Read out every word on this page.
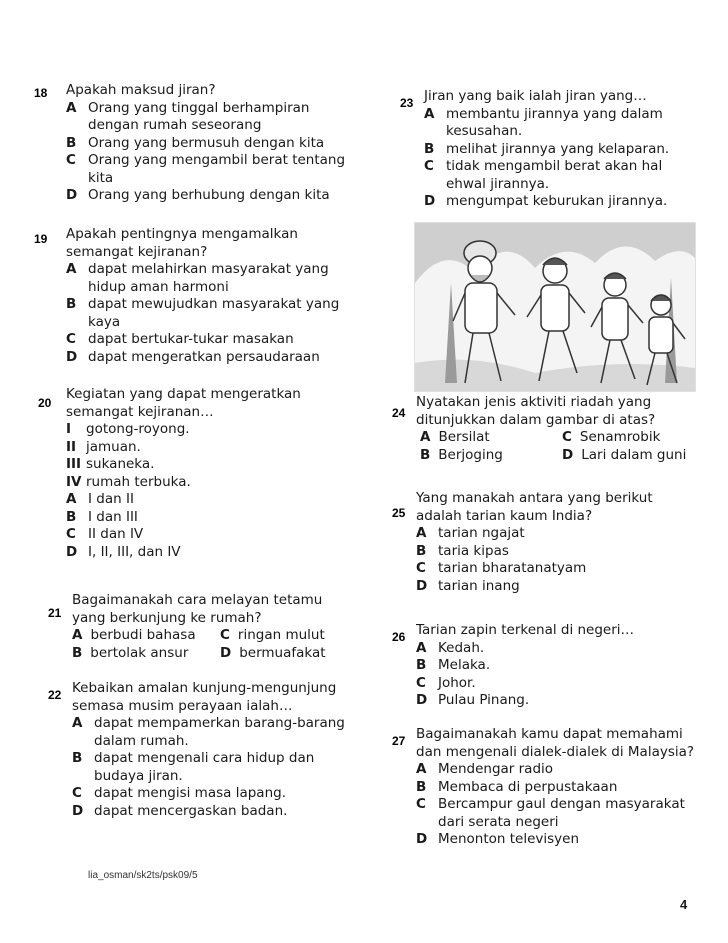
18 Apakah maksud jiran?

A Orang yang tinggal berhampiran dengan rumah seseorang
B Orang yang bermusuh dengan kita
C Orang yang mengambil berat tentang kita
D Orang yang berhubung dengan kita
19 Apakah pentingnya mengamalkan semangat kejiranan?

A dapat melahirkan masyarakat yang hidup aman harmoni
B dapat mewujudkan masyarakat yang kaya
C dapat bertukar-tukar masakan
D dapat mengeratkan persaudaraan
20

Kegiatan yang dapat mengeratkan semangat kejiranan…

I gotong-royong.
II jamuan.
III sukaneka.
IV rumah terbuka.
A I dan II
B I dan III
C II dan IV
D I, II, III, dan IV
21

Bagaimanakah cara melayan tetamu yang berkunjung ke rumah?

A berbudi bahasa C ringan mulut
B bertolak ansur D bermuafakat
22 Kebaikan amalan kunjung-mengunjung semasa musim perayaan ialah…

A dapat mempamerkan barang-barang dalam rumah.
B dapat mengenali cara hidup dan budaya jiran.
C dapat mengisi masa lapang.
D dapat mencergaskan badan.
23 Jiran yang baik ialah jiran yang…

A membantu jirannya yang dalam kesusahan.
B melihat jirannya yang kelaparan.
C tidak mengambil berat akan hal ehwal jirannya.
D mengumpat keburukan jirannya.
24

Nyatakan jenis aktiviti riadah yang ditunjukkan dalam gambar di atas?

A Bersilat	C Senamrobik
B Berjoging	D Lari dalam guni
25

Yang manakah antara yang berikut adalah tarian kaum India?

A tarian ngajat
B taria kipas
C tarian bharatanatyam
D tarian inang
26 Tarian zapin terkenal di negeri…

A Kedah.
B Melaka.
C Johor.
D Pulau Pinang.
27 Bagaimanakah kamu dapat memahami dan mengenali dialek-dialek di Malaysia?

A Mendengar radio
B Membaca di perpustakaan
C Bercampur gaul dengan masyarakat dari serata negeri
D Menonton televisyen
lia_osman/sk2ts/psk09/5
4
